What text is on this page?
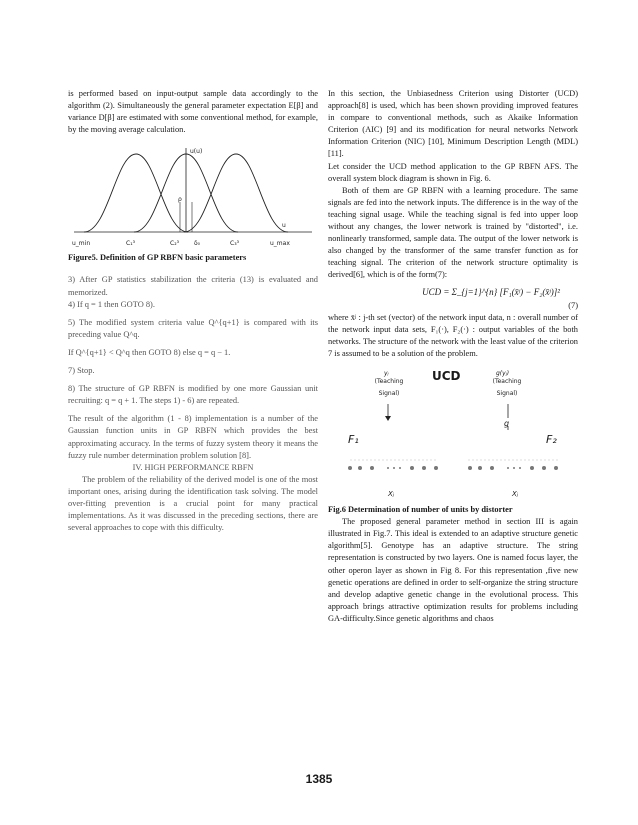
is performed based on input-output sample data accordingly to the algorithm (2). Simultaneously the general parameter expectation E[β] and variance D[β] are estimated with some conventional method, for example, by the moving average calculation.

u(u)
ρ
u
u_min	C₁³	C₂³	δ₀	C₃³	u_max

Figure5. Definition of GP RBFN basic parameters

3) After GP statistics stabilization the criteria (13) is evaluated and memorized.

4) If q = 1 then GOTO 8).

5) The modified system criteria value Q^{q+1} is compared with its preceding value Q^q.

If Q^{q+1} < Q^q then GOTO 8) else q = q − 1.

7) Stop.

8) The structure of GP RBFN is modified by one more Gaussian unit recruiting: q = q + 1. The steps 1) - 6) are repeated.

The result of the algorithm (1 - 8) implementation is a number of the Gaussian function units in GP RBFN which provides the best approximating accuracy. In the terms of fuzzy system theory it means the fuzzy rule number determination problem solution [8].

IV. HIGH PERFORMANCE RBFN

The problem of the reliability of the derived model is one of the most important ones, arising during the identification task solving. The model over-fitting prevention is a crucial point for many practical implementations. As it was discussed in the preceding sections, there are several approaches to cope with this difficulty.

In this section, the Unbiasedness Criterion using Distorter (UCD) approach[8] is used, which has been shown providing improved features in compare to conventional methods, such as Akaike Information Criterion (AIC) [9] and its modification for neural networks Network Information Criterion (NIC) [10], Minimum Description Length (MDL)[11].

Let consider the UCD method application to the GP RBFN AFS. The overall system block diagram is shown in Fig. 6.

Both of them are GP RBFN with a learning procedure. The same signals are fed into the network inputs. The difference is in the way of the teaching signal usage. While the teaching signal is fed into upper loop without any changes, the lower network is trained by "distorted", i.e. nonlinearly transformed, sample data. The output of the lower network is also changed by the transformer of the same transfer function as for teaching signal. The criterion of the network structure optimality is derived[6], which is of the form(7):

UCD = Σ_{j=1}^{n} [F₁(x̄ʲ) − F₂(x̄ʲ)]²
(7)

where x̄ʲ : j-th set (vector) of the network input data, n : overall number of the network input data sets, F₁(·), F₂(·) : output variables of the both networks. The structure of the network with the least value of the criterion 7 is assumed to be a solution of the problem.

yⱼ
(Teaching Signal)
UCD	g(yⱼ)
(Teaching Signal)
g
F₁	F₂
Xⱼ	Xⱼ

Fig.6 Determination of number of units by distorter

The proposed general parameter method in section III is again illustrated in Fig.7. This ideal is extended to an adaptive structure genetic algorithm[5]. Genotype has an adaptive structure. The string representation is constructed by two layers. One is named focus layer, the other operon layer as shown in Fig 8. For this representation ,five new genetic operations are defined in order to self-organize the string structure and develop adaptive genetic change in the evolutional process. This approach brings attractive optimization results for problems including GA-difficulty.Since genetic algorithms and chaos

1385
